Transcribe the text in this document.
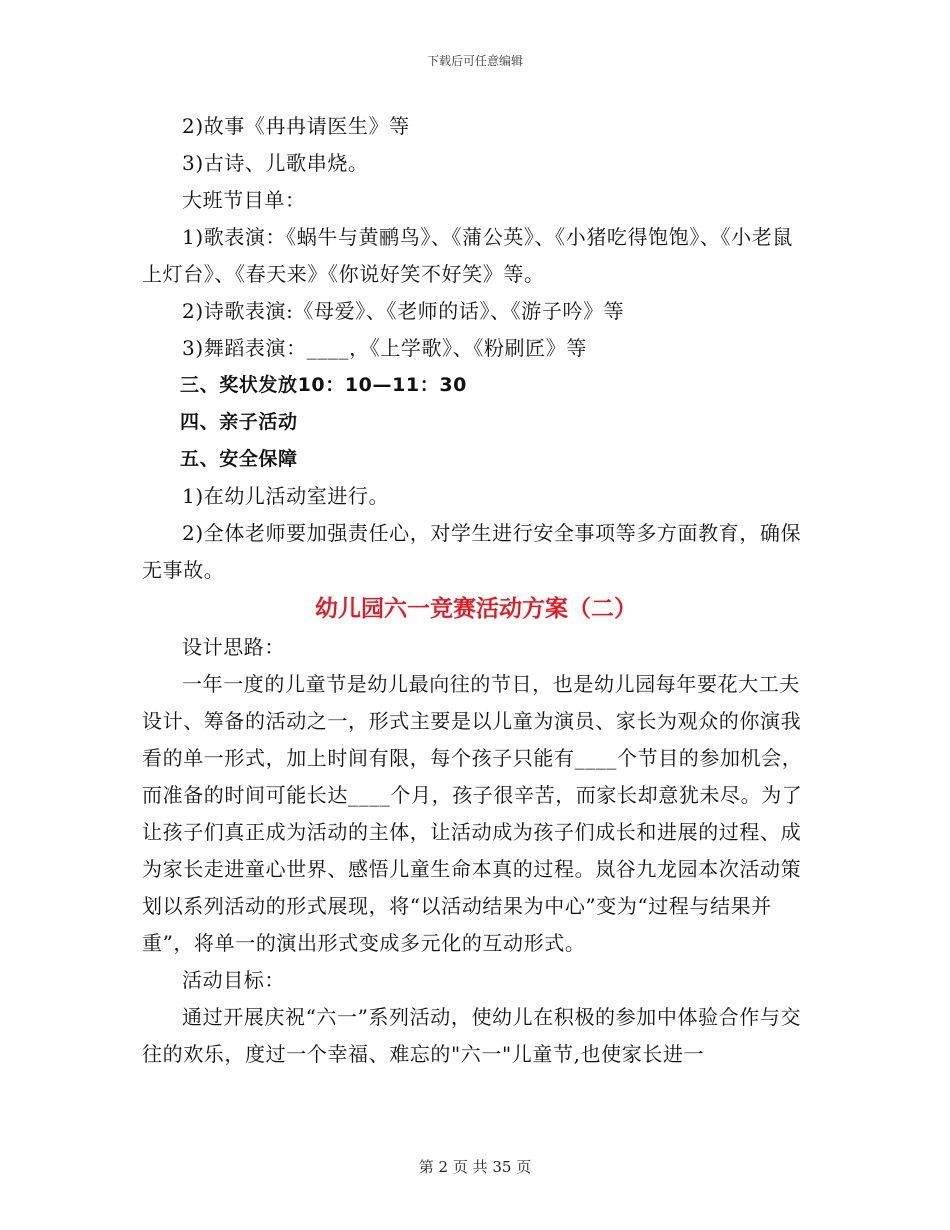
下载后可任意编辑

2)故事《冉冉请医生》等

3)古诗、儿歌串烧。

大班节目单：

1)歌表演：《蜗牛与黄鹂鸟》、《蒲公英》、《小猪吃得饱饱》、《小老鼠上灯台》、《春天来》《你说好笑不好笑》等。

2)诗歌表演:《母爱》、《老师的话》、《游子吟》等

3)舞蹈表演：____，《上学歌》、《粉刷匠》等

三、奖状发放10：10—11：30

四、亲子活动

五、安全保障

1)在幼儿活动室进行。

2)全体老师要加强责任心，对学生进行安全事项等多方面教育，确保无事故。

幼儿园六一竞赛活动方案（二）

设计思路：

一年一度的儿童节是幼儿最向往的节日，也是幼儿园每年要花大工夫设计、筹备的活动之一，形式主要是以儿童为演员、家长为观众的你演我看的单一形式，加上时间有限，每个孩子只能有____个节目的参加机会，而准备的时间可能长达____个月，孩子很辛苦，而家长却意犹未尽。为了让孩子们真正成为活动的主体，让活动成为孩子们成长和进展的过程、成为家长走进童心世界、感悟儿童生命本真的过程。岚谷九龙园本次活动策划以系列活动的形式展现，将“以活动结果为中心”变为“过程与结果并重”，将单一的演出形式变成多元化的互动形式。

活动目标：

通过开展庆祝“六一”系列活动，使幼儿在积极的参加中体验合作与交往的欢乐，度过一个幸福、难忘的"六一"儿童节,也使家长进一

第 2 页 共 35 页
